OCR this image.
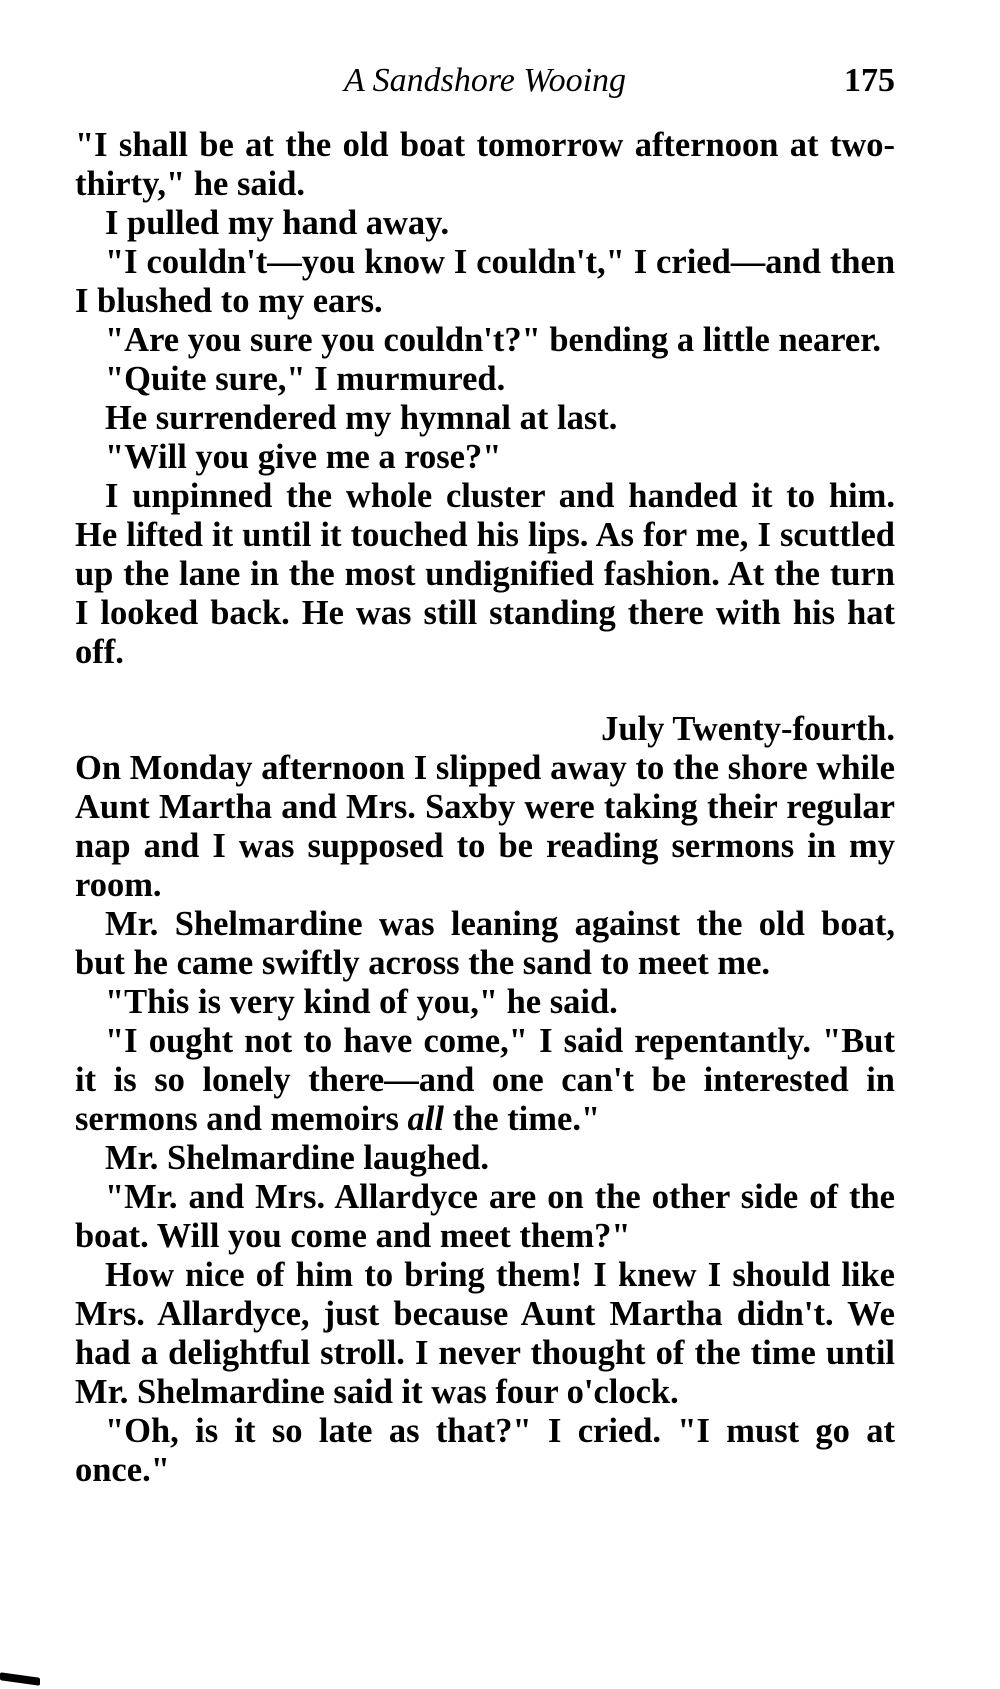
A Sandshore Wooing	175

"I shall be at the old boat tomorrow afternoon at two-thirty," he said.

I pulled my hand away.

"I couldn't—you know I couldn't," I cried—and then I blushed to my ears.

"Are you sure you couldn't?" bending a little nearer.

"Quite sure," I murmured.

He surrendered my hymnal at last.

"Will you give me a rose?"

I unpinned the whole cluster and handed it to him. He lifted it until it touched his lips. As for me, I scuttled up the lane in the most undignified fashion. At the turn I looked back. He was still standing there with his hat off.

July Twenty-fourth.

On Monday afternoon I slipped away to the shore while Aunt Martha and Mrs. Saxby were taking their regular nap and I was supposed to be reading sermons in my room.

Mr. Shelmardine was leaning against the old boat, but he came swiftly across the sand to meet me.

"This is very kind of you," he said.

"I ought not to have come," I said repentantly. "But it is so lonely there—and one can't be interested in sermons and memoirs all the time."

Mr. Shelmardine laughed.

"Mr. and Mrs. Allardyce are on the other side of the boat. Will you come and meet them?"

How nice of him to bring them! I knew I should like Mrs. Allardyce, just because Aunt Martha didn't. We had a delightful stroll. I never thought of the time until Mr. Shelmardine said it was four o'clock.

"Oh, is it so late as that?" I cried. "I must go at once."
